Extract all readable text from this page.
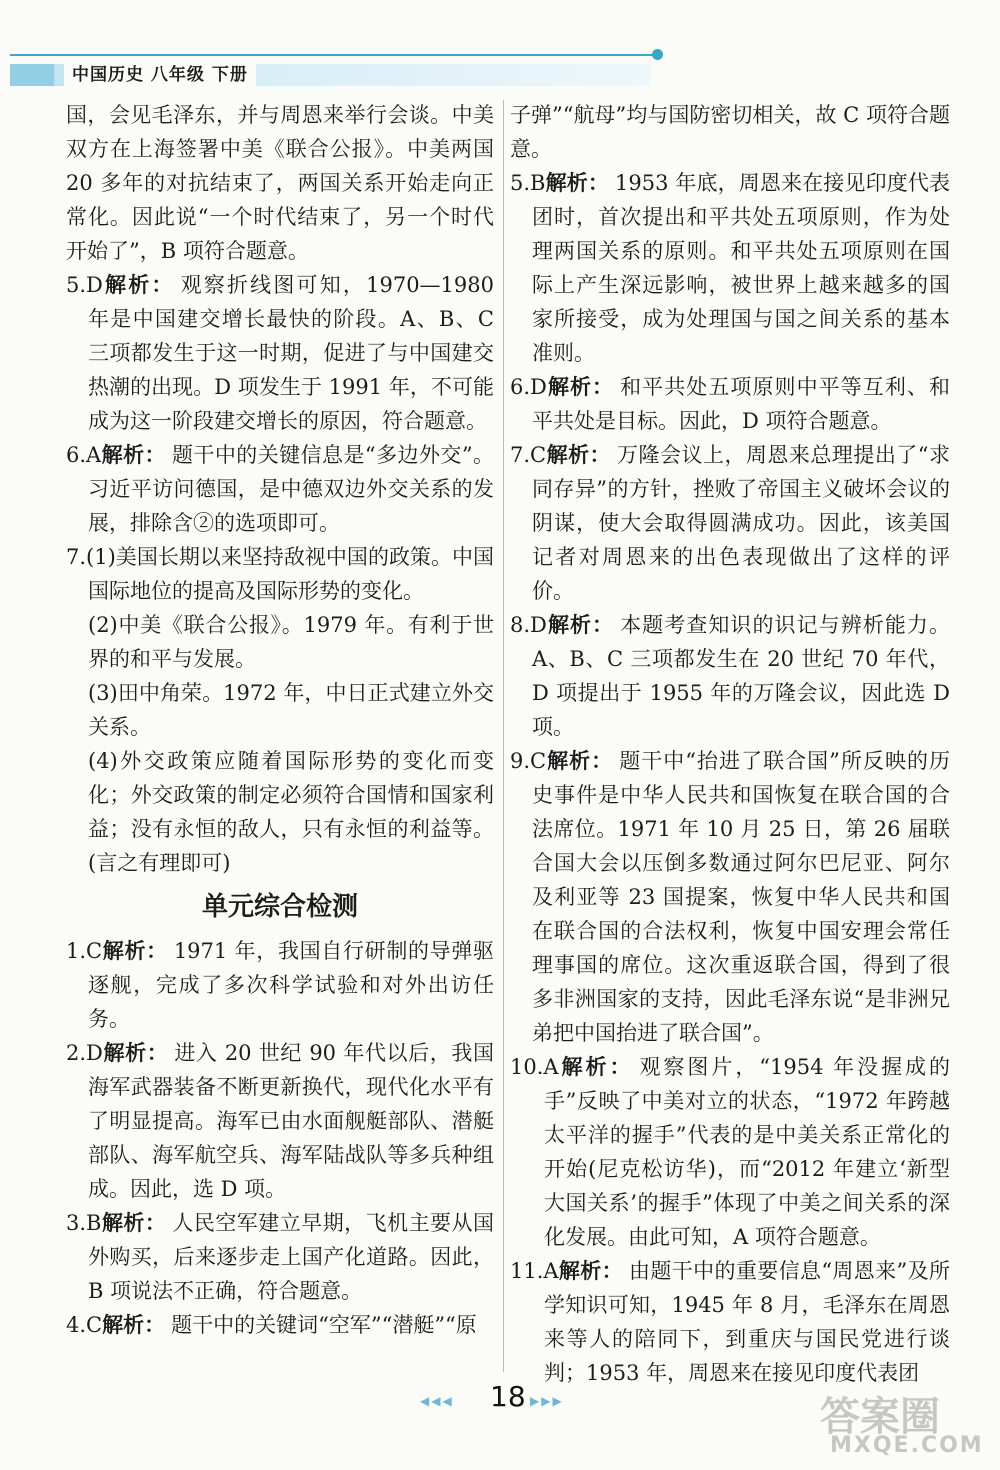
中国历史 八年级 下册

国，会见毛泽东，并与周恩来举行会谈。中美双方在上海签署中美《联合公报》。中美两国 20 多年的对抗结束了，两国关系开始走向正常化。因此说“一个时代结束了，另一个时代开始了”，B 项符合题意。

5.D解析： 观察折线图可知，1970—1980 年是中国建交增长最快的阶段。A、B、C 三项都发生于这一时期，促进了与中国建交热潮的出现。D 项发生于 1991 年，不可能成为这一阶段建交增长的原因，符合题意。

6.A解析： 题干中的关键信息是“多边外交”。习近平访问德国，是中德双边外交关系的发展，排除含②的选项即可。

7.(1)美国长期以来坚持敌视中国的政策。中国国际地位的提高及国际形势的变化。

(2)中美《联合公报》。1979 年。有利于世界的和平与发展。

(3)田中角荣。1972 年，中日正式建立外交关系。

(4)外交政策应随着国际形势的变化而变化；外交政策的制定必须符合国情和国家利益；没有永恒的敌人，只有永恒的利益等。(言之有理即可)

单元综合检测

1.C解析： 1971 年，我国自行研制的导弹驱逐舰，完成了多次科学试验和对外出访任务。

2.D解析： 进入 20 世纪 90 年代以后，我国海军武器装备不断更新换代，现代化水平有了明显提高。海军已由水面舰艇部队、潜艇部队、海军航空兵、海军陆战队等多兵种组成。因此，选 D 项。

3.B解析： 人民空军建立早期，飞机主要从国外购买，后来逐步走上国产化道路。因此，B 项说法不正确，符合题意。

4.C解析： 题干中的关键词“空军”“潜艇”“原

子弹”“航母”均与国防密切相关，故 C 项符合题意。

5.B解析： 1953 年底，周恩来在接见印度代表团时，首次提出和平共处五项原则，作为处理两国关系的原则。和平共处五项原则在国际上产生深远影响，被世界上越来越多的国家所接受，成为处理国与国之间关系的基本准则。

6.D解析： 和平共处五项原则中平等互利、和平共处是目标。因此，D 项符合题意。

7.C解析： 万隆会议上，周恩来总理提出了“求同存异”的方针，挫败了帝国主义破坏会议的阴谋，使大会取得圆满成功。因此，该美国记者对周恩来的出色表现做出了这样的评价。

8.D解析： 本题考查知识的识记与辨析能力。A、B、C 三项都发生在 20 世纪 70 年代，D 项提出于 1955 年的万隆会议，因此选 D 项。

9.C解析： 题干中“抬进了联合国”所反映的历史事件是中华人民共和国恢复在联合国的合法席位。1971 年 10 月 25 日，第 26 届联合国大会以压倒多数通过阿尔巴尼亚、阿尔及利亚等 23 国提案，恢复中华人民共和国在联合国的合法权利，恢复中国安理会常任理事国的席位。这次重返联合国，得到了很多非洲国家的支持，因此毛泽东说“是非洲兄弟把中国抬进了联合国”。

10.A解析： 观察图片，“1954 年没握成的手”反映了中美对立的状态，“1972 年跨越太平洋的握手”代表的是中美关系正常化的开始(尼克松访华)，而“2012 年建立‘新型大国关系’的握手”体现了中美之间关系的深化发展。由此可知，A 项符合题意。

11.A解析： 由题干中的重要信息“周恩来”及所学知识可知，1945 年 8 月，毛泽东在周恩来等人的陪同下，到重庆与国民党进行谈判；1953 年，周恩来在接见印度代表团

◀◀◀ 18 ▶▶▶	答案圈
MXQE.COM
